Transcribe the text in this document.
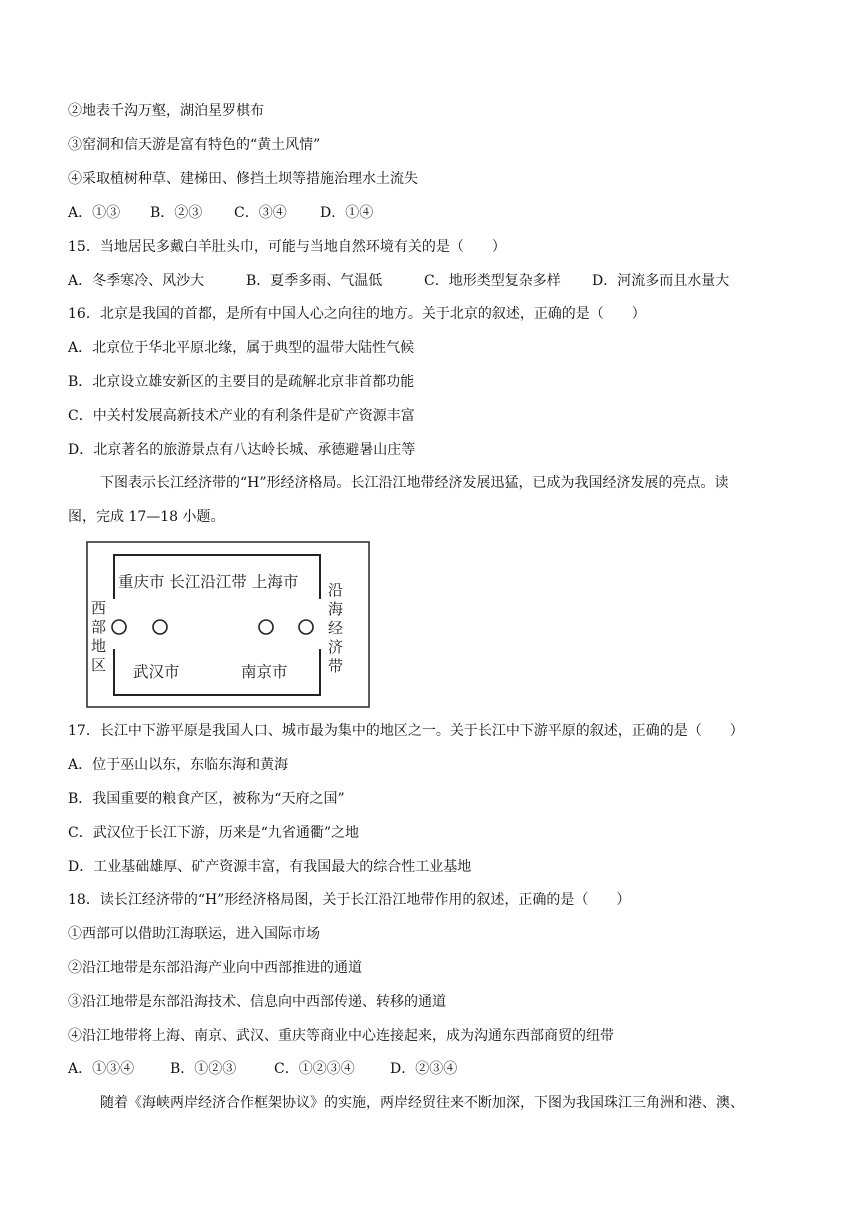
②地表千沟万壑，湖泊星罗棋布
③窑洞和信天游是富有特色的“黄土风情”
④采取植树种草、建梯田、修挡土坝等措施治理水土流失
A．①③ B．②③ C．③④ D．①④
15．当地居民多戴白羊肚头巾，可能与当地自然环境有关的是（　　）
A．冬季寒冷、风沙大	B．夏季多雨、气温低	C．地形类型复杂多样 D．河流多而且水量大
16．北京是我国的首都，是所有中国人心之向往的地方。关于北京的叙述，正确的是（　　）
A．北京位于华北平原北缘，属于典型的温带大陆性气候
B．北京设立雄安新区的主要目的是疏解北京非首都功能
C．中关村发展高新技术产业的有利条件是矿产资源丰富
D．北京著名的旅游景点有八达岭长城、承德避暑山庄等
下图表示长江经济带的“H”形经济格局。长江沿江地带经济发展迅猛，已成为我国经济发展的亮点。读
图，完成 17—18 小题。
重庆市 长江沿江带 上海市
西
部
地
区
沿
海
经
济
带
武汉市	南京市
17．长江中下游平原是我国人口、城市最为集中的地区之一。关于长江中下游平原的叙述，正确的是（　　）
A．位于巫山以东，东临东海和黄海
B．我国重要的粮食产区，被称为“天府之国”
C．武汉位于长江下游，历来是“九省通衢”之地
D．工业基础雄厚、矿产资源丰富，有我国最大的综合性工业基地
18．读长江经济带的“H”形经济格局图，关于长江沿江地带作用的叙述，正确的是（　　）
①西部可以借助江海联运，进入国际市场
②沿江地带是东部沿海产业向中西部推进的通道
③沿江地带是东部沿海技术、信息向中西部传递、转移的通道
④沿江地带将上海、南京、武汉、重庆等商业中心连接起来，成为沟通东西部商贸的纽带
A．①③④	B．①②③	C．①②③④	D．②③④
随着《海峡两岸经济合作框架协议》的实施，两岸经贸往来不断加深，下图为我国珠江三角洲和港、澳、
